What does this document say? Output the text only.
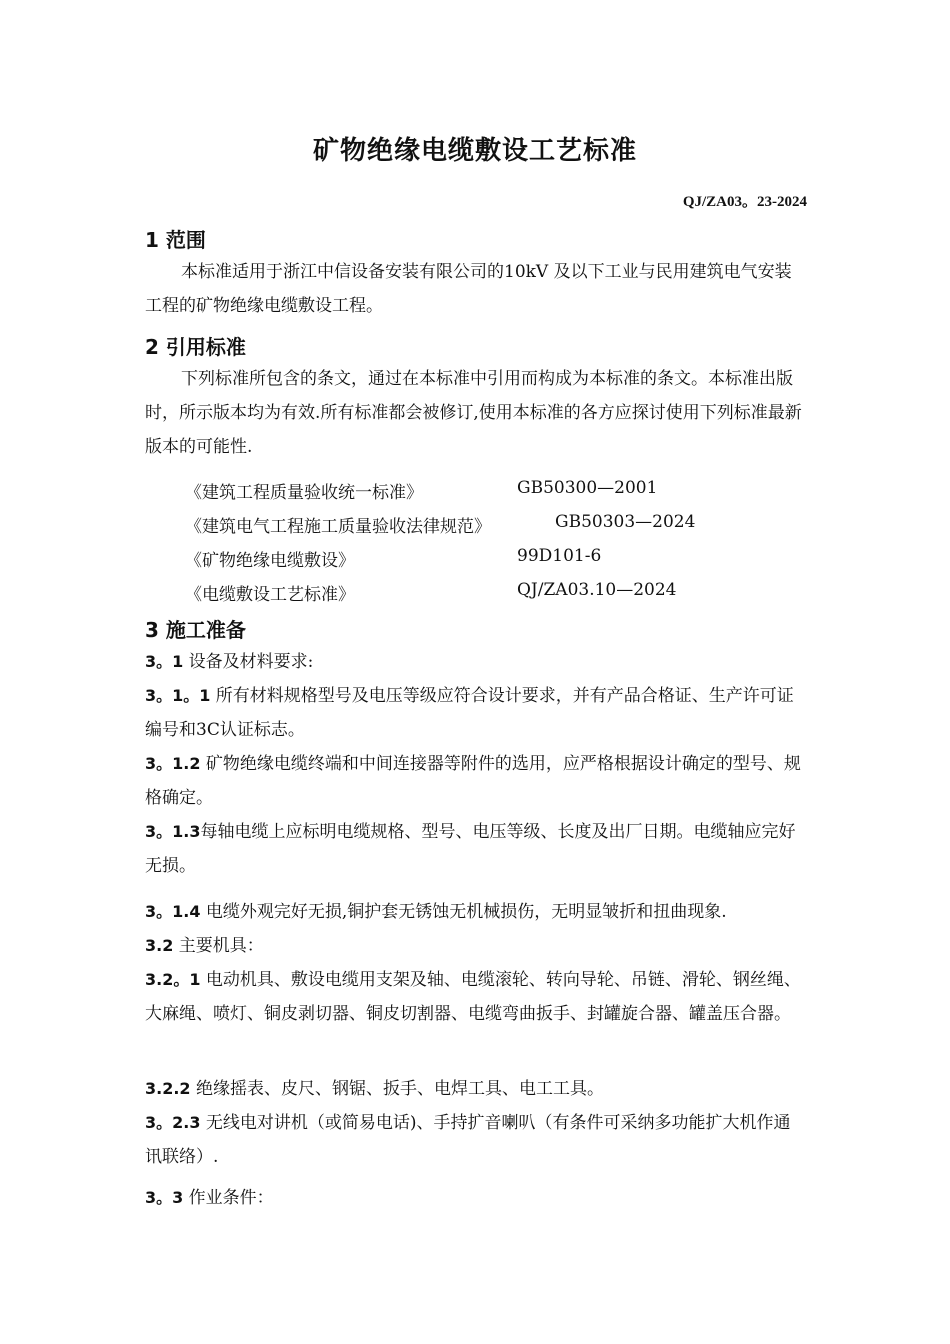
矿物绝缘电缆敷设工艺标准
QJ/ZA03。23-2024
1 范围
本标准适用于浙江中信设备安装有限公司的10kV 及以下工业与民用建筑电气安装工程的矿物绝缘电缆敷设工程。
2 引用标准
下列标准所包含的条文，通过在本标准中引用而构成为本标准的条文。本标准出版时，所示版本均为有效.所有标准都会被修订,使用本标准的各方应探讨使用下列标准最新版本的可能性.
《建筑工程质量验收统一标准》	GB50300—2001
《建筑电气工程施工质量验收法律规范》	GB50303—2024
《矿物绝缘电缆敷设》	99D101-6
《电缆敷设工艺标准》	QJ/ZA03.10—2024
3 施工准备
3。1 设备及材料要求:
3。1。1 所有材料规格型号及电压等级应符合设计要求，并有产品合格证、生产许可证编号和3C认证标志。
3。1.2 矿物绝缘电缆终端和中间连接器等附件的选用，应严格根据设计确定的型号、规格确定。
3。1.3每轴电缆上应标明电缆规格、型号、电压等级、长度及出厂日期。电缆轴应完好无损。
3。1.4 电缆外观完好无损,铜护套无锈蚀无机械损伤，无明显皱折和扭曲现象.
3.2 主要机具：
3.2。1 电动机具、敷设电缆用支架及轴、电缆滚轮、转向导轮、吊链、滑轮、钢丝绳、大麻绳、喷灯、铜皮剥切器、铜皮切割器、电缆弯曲扳手、封罐旋合器、罐盖压合器。
3.2.2 绝缘摇表、皮尺、钢锯、扳手、电焊工具、电工工具。
3。2.3 无线电对讲机（或简易电话)、手持扩音喇叭（有条件可采纳多功能扩大机作通讯联络）.
3。3 作业条件：
